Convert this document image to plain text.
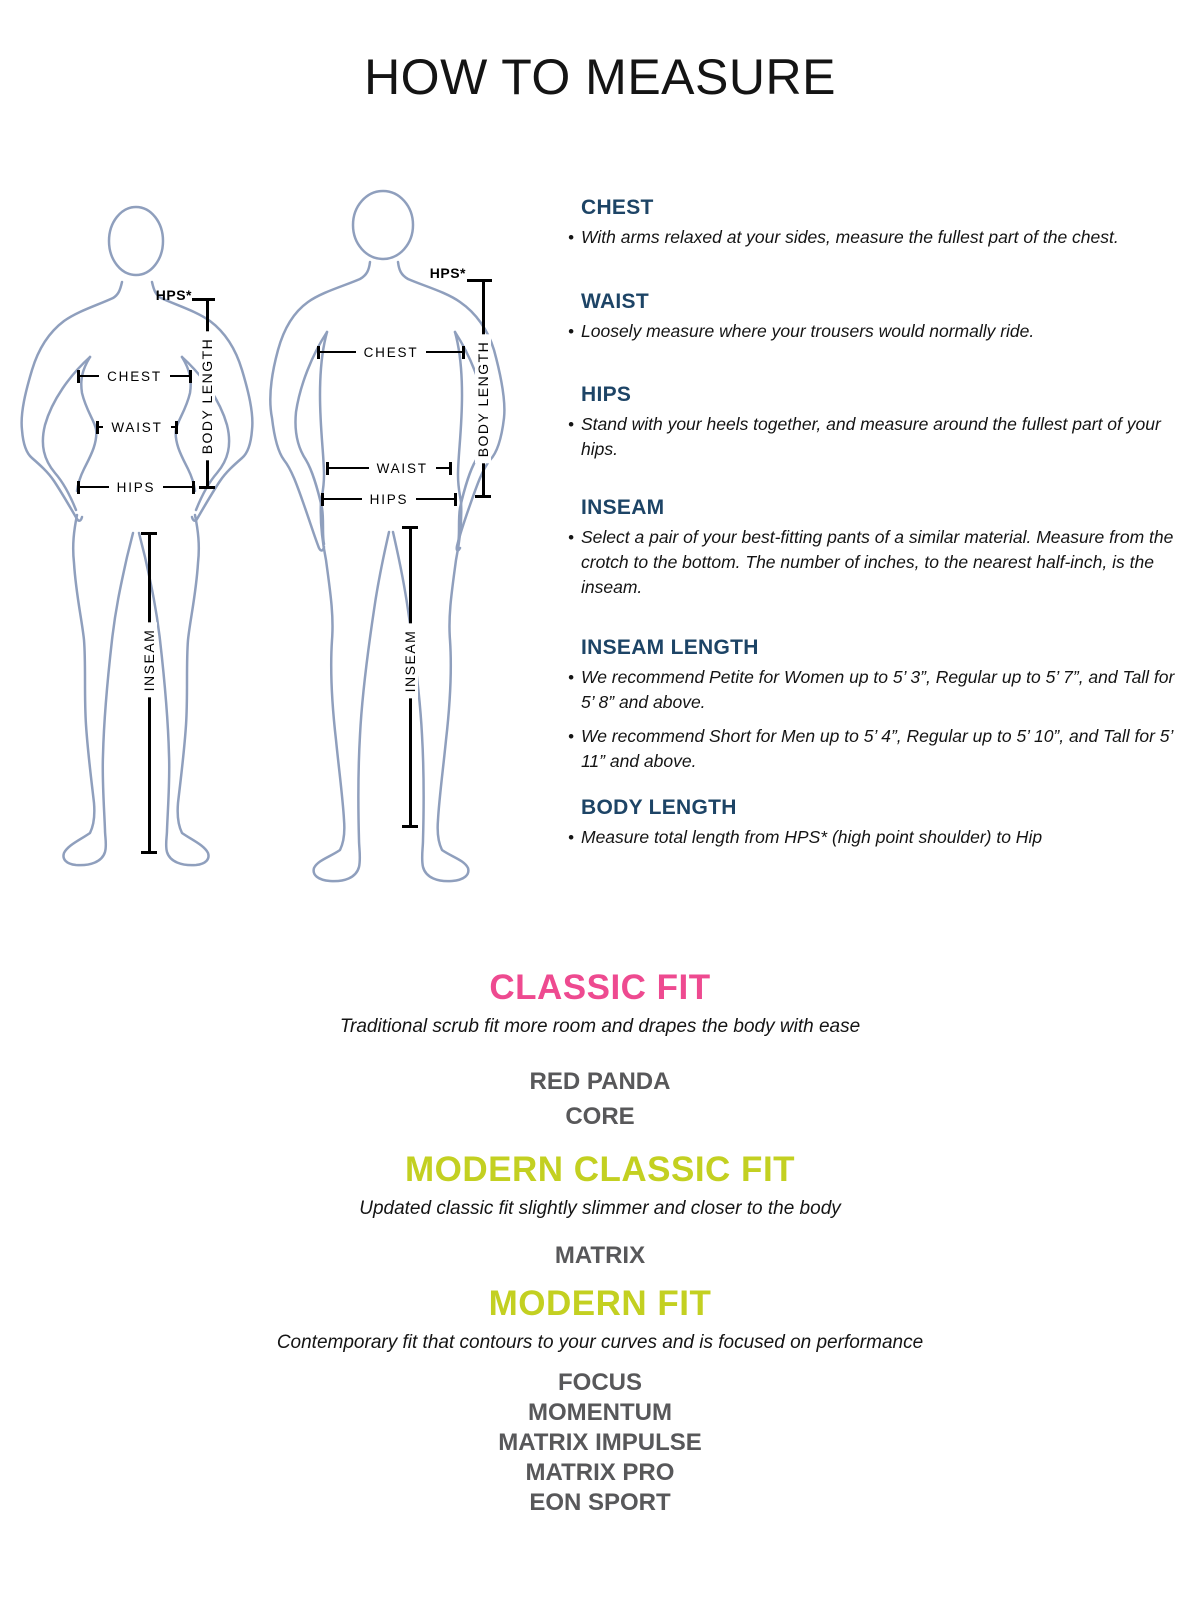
HOW TO MEASURE
HPS*
BODY LENGTH
CHEST
WAIST
HIPS
INSEAM
HPS*
BODY LENGTH
CHEST
WAIST
HIPS
INSEAM
CHEST
• With arms relaxed at your sides, measure the fullest part of the chest.
WAIST
• Loosely measure where your trousers would normally ride.
HIPS
• Stand with your heels together, and measure around the fullest part of your hips.
INSEAM
• Select a pair of your best-fitting pants of a similar material. Measure from the crotch to the bottom. The number of inches, to the nearest half-inch, is the inseam.
INSEAM LENGTH
• We recommend Petite for Women up to 5’ 3”, Regular up to 5’ 7”, and Tall for 5’ 8” and above.
• We recommend Short for Men up to 5’ 4”, Regular up to 5’ 10”, and Tall for 5’ 11” and above.
BODY LENGTH
• Measure total length from HPS* (high point shoulder) to Hip
CLASSIC FIT
Traditional scrub fit more room and drapes the body with ease
RED PANDA
CORE
MODERN CLASSIC FIT
Updated classic fit slightly slimmer and closer to the body
MATRIX
MODERN FIT
Contemporary fit that contours to your curves and is focused on performance
FOCUS
MOMENTUM
MATRIX IMPULSE
MATRIX PRO
EON SPORT
